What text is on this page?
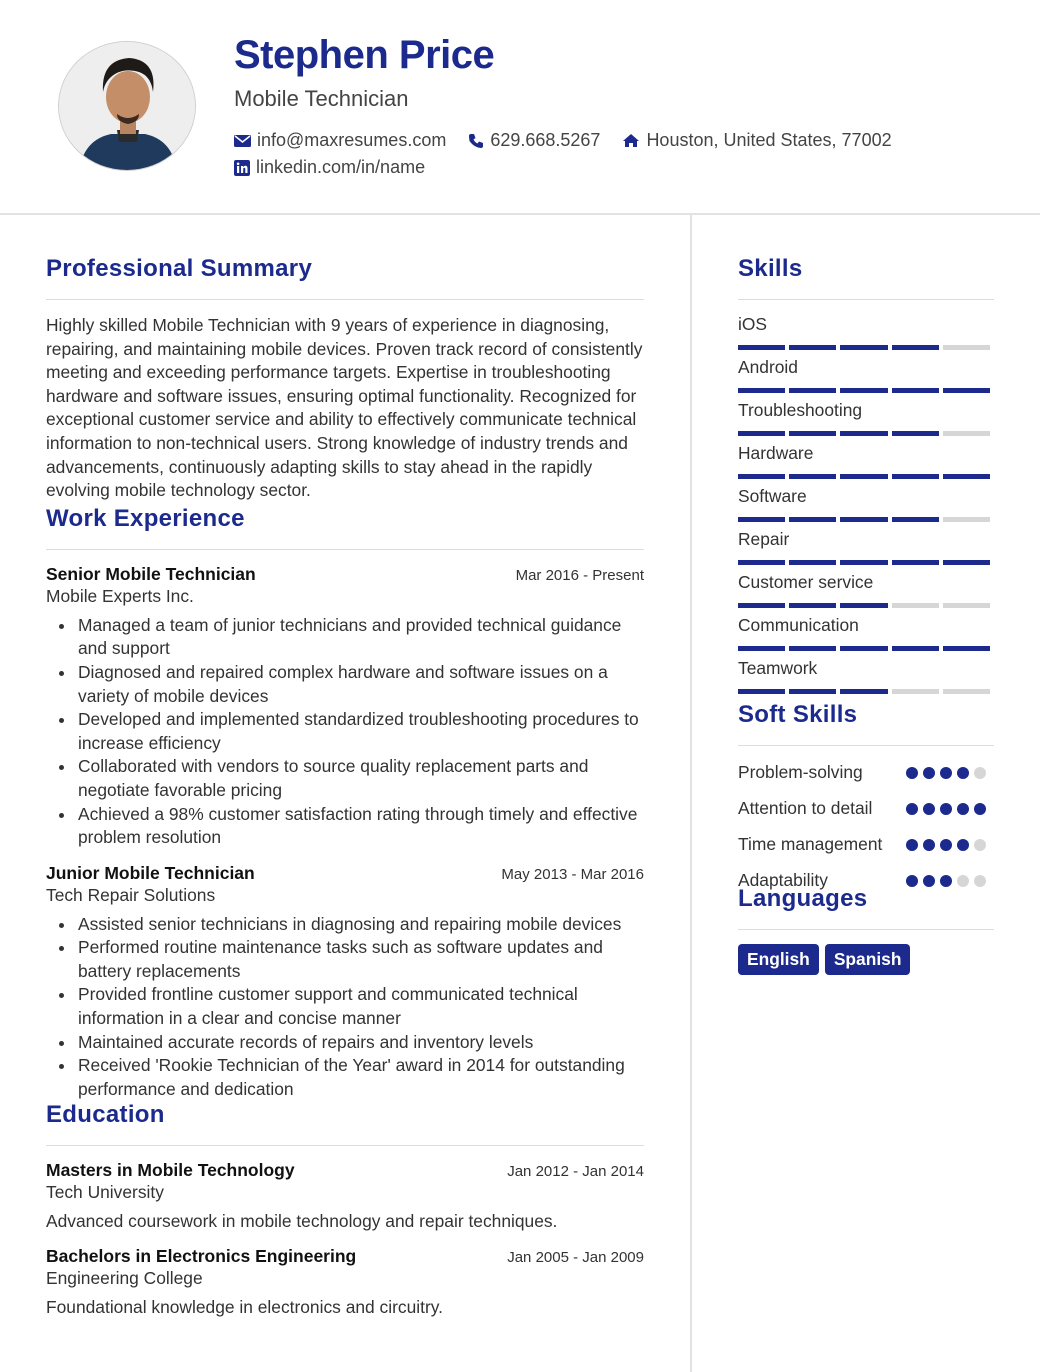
Stephen Price
Mobile Technician
info@maxresumes.com 629.668.5267	Houston, United States, 77002
linkedin.com/in/name
Professional Summary

Highly skilled Mobile Technician with 9 years of experience in diagnosing, repairing, and maintaining mobile devices. Proven track record of consistently meeting and exceeding performance targets. Expertise in troubleshooting hardware and software issues, ensuring optimal functionality. Recognized for exceptional customer service and ability to effectively communicate technical information to non-technical users. Strong knowledge of industry trends and advancements, continuously adapting skills to stay ahead in the rapidly evolving mobile technology sector.

Work Experience
Senior Mobile Technician	Mar 2016 - Present
Mobile Experts Inc.
Managed a team of junior technicians and provided technical guidance and support
Diagnosed and repaired complex hardware and software issues on a variety of mobile devices
Developed and implemented standardized troubleshooting procedures to increase efficiency
Collaborated with vendors to source quality replacement parts and negotiate favorable pricing
Achieved a 98% customer satisfaction rating through timely and effective problem resolution
Junior Mobile Technician	May 2013 - Mar 2016
Tech Repair Solutions
Assisted senior technicians in diagnosing and repairing mobile devices
Performed routine maintenance tasks such as software updates and battery replacements
Provided frontline customer support and communicated technical information in a clear and concise manner
Maintained accurate records of repairs and inventory levels
Received 'Rookie Technician of the Year' award in 2014 for outstanding performance and dedication
Education
Masters in Mobile Technology	Jan 2012 - Jan 2014
Tech University
Advanced coursework in mobile technology and repair techniques.
Bachelors in Electronics Engineering	Jan 2005 - Jan 2009
Engineering College
Foundational knowledge in electronics and circuitry.
Skills
iOS
Android
Troubleshooting
Hardware
Software
Repair
Customer service
Communication
Teamwork
Soft Skills
Problem-solving
Attention to detail
Time management
Adaptability
Languages
English	Spanish
